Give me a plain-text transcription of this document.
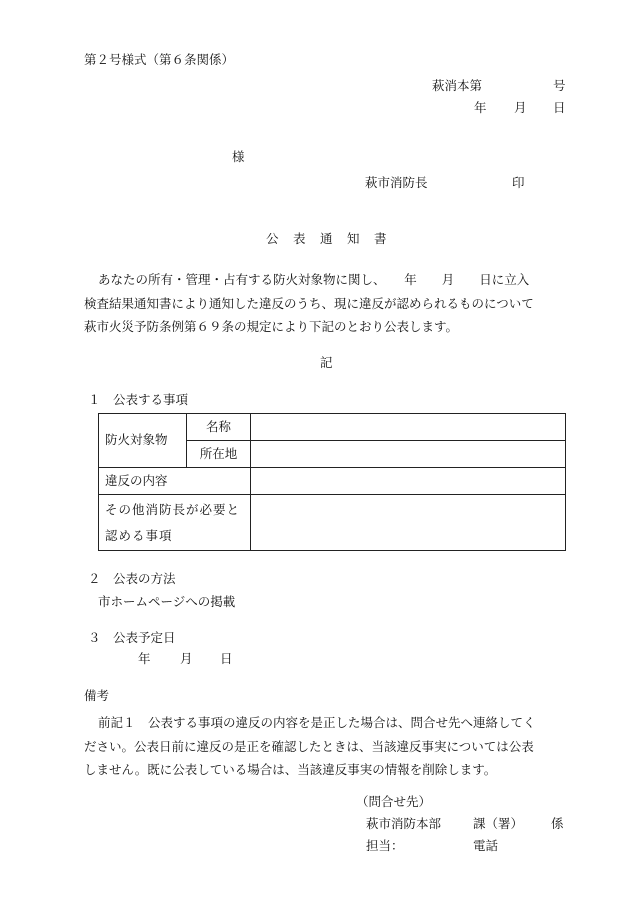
第２号様式（第６条関係）
萩消本第	号
年 月 日
様
萩市消防長	印
公　表　通　知　書

あなたの所有・管理・占有する防火対象物に関し、　　年　　月　　日に立入

検査結果通知書により通知した違反のうち、現に違反が認められるものについて

萩市火災予防条例第６９条の規定により下記のとおり公表します。

記
１　公表する事項
防火対象物	名称	
	所在地	
違反の内容		

その他消防長が必要と
認める事項		

２　公表の方法
市ホームページへの掲載
３　公表予定日
年 月 日
備考

前記１　公表する事項の違反の内容を是正した場合は、問合せ先へ連絡してく

ださい。公表日前に違反の是正を確認したときは、当該違反事実については公表

しません。既に公表している場合は、当該違反事実の情報を削除します。

（問合せ先）
萩市消防本部	課（署） 係
担当：	電話
